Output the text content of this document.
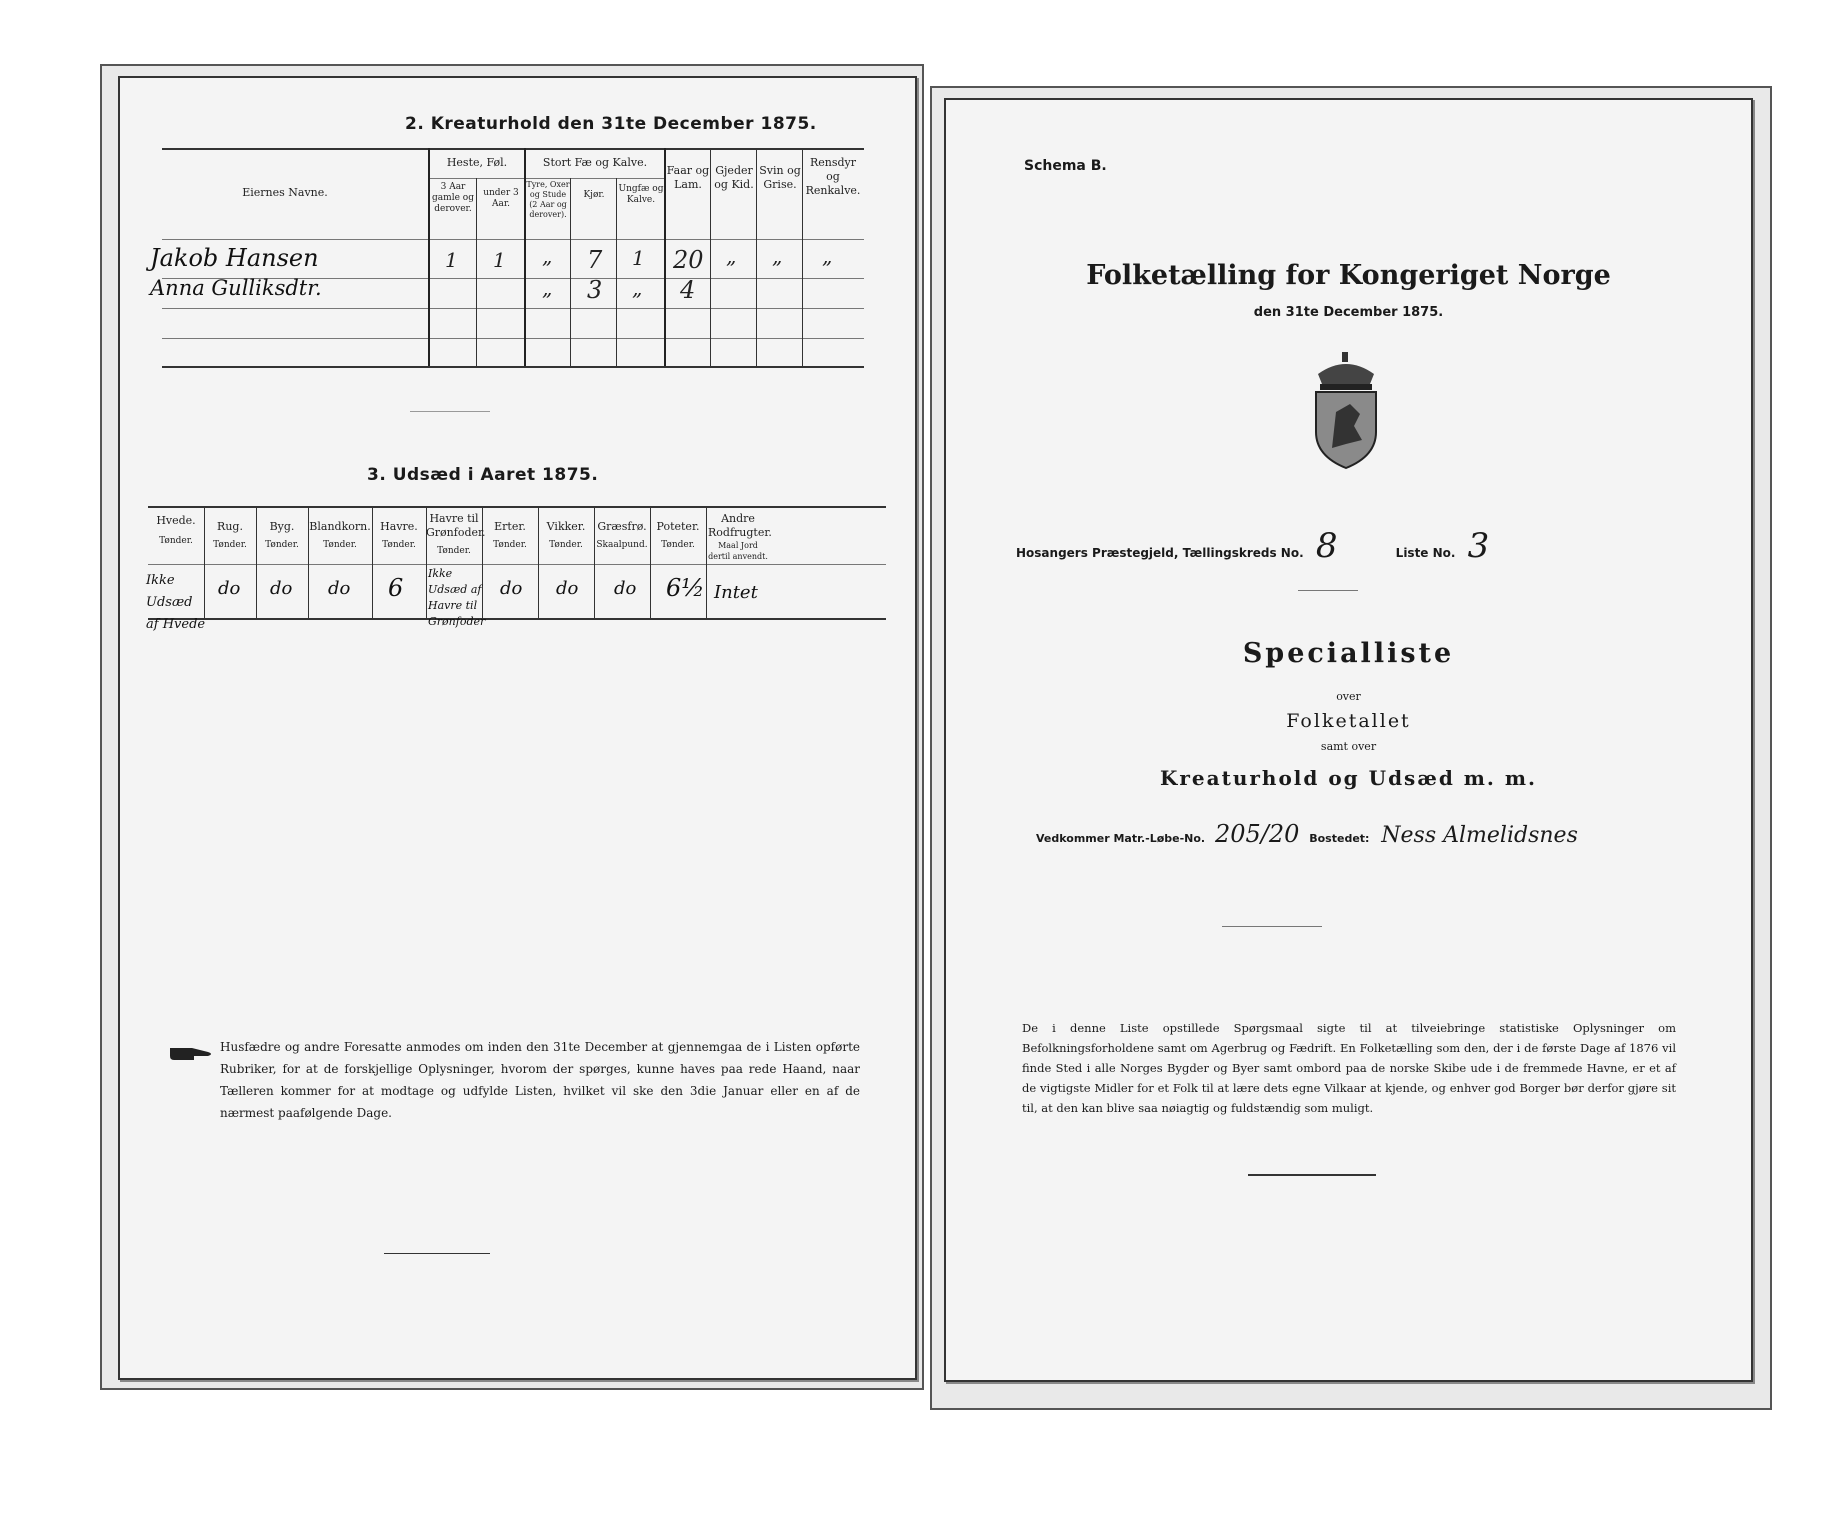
2. Kreaturhold den 31te December 1875.
Eiernes Navne.
Heste, Føl.	Stort Fæ og Kalve.
3 Aar gamle og derover.
under 3 Aar.
Tyre, Oxer og Stude (2 Aar og derover).
Kjør.
Ungfæ og Kalve.
Faar og Lam.
Gjeder og Kid.
Svin og Grise.
Rensdyr og Renkalve.
Jakob Hansen
Anna Gulliksdtr.
1 1 „ 7 1 20 „ „ „
„ 3 „ 4
3. Udsæd i Aaret 1875.
Hvede.
Tønder.
Rug.
Tønder.
Byg.
Tønder.
Blandkorn.
Tønder.
Havre.
Tønder.
Havre til Grønfoder.
Tønder.
Erter.
Tønder.
Vikker.
Tønder.
Græsfrø.
Skaalpund.
Poteter.
Tønder.
Andre Rodfrugter.
Maal Jord dertil anvendt.
Ikke Udsæd af Hvede
do do do 6
Ikke Udsæd af Havre til Grønfoder
do do do 6½ Intet
Husfædre og andre Foresatte anmodes om inden den 31te December at gjennemgaa de i Listen opførte Rubriker, for at de forskjellige Oplysninger, hvorom der spørges, kunne haves paa rede Haand, naar Tælleren kommer for at modtage og udfylde Listen, hvilket vil ske den 3die Januar eller en af de nærmest paafølgende Dage.
Schema B.
Folketælling for Kongeriget Norge
den 31te December 1875.
Hosangers Præstegjeld, Tællingskreds No. 8	Liste No. 3
Specialliste
over
Folketallet
samt over
Kreaturhold og Udsæd m. m.
Vedkommer Matr.-Løbe-No. 205/20 Bostedet: Ness Almelidsnes
De i denne Liste opstillede Spørgsmaal sigte til at tilveiebringe statistiske Oplysninger om Befolkningsforholdene samt om Agerbrug og Fædrift. En Folketælling som den, der i de første Dage af 1876 vil finde Sted i alle Norges Bygder og Byer samt ombord paa de norske Skibe ude i de fremmede Havne, er et af de vigtigste Midler for et Folk til at lære dets egne Vilkaar at kjende, og enhver god Borger bør derfor gjøre sit til, at den kan blive saa nøiagtig og fuldstændig som muligt.
